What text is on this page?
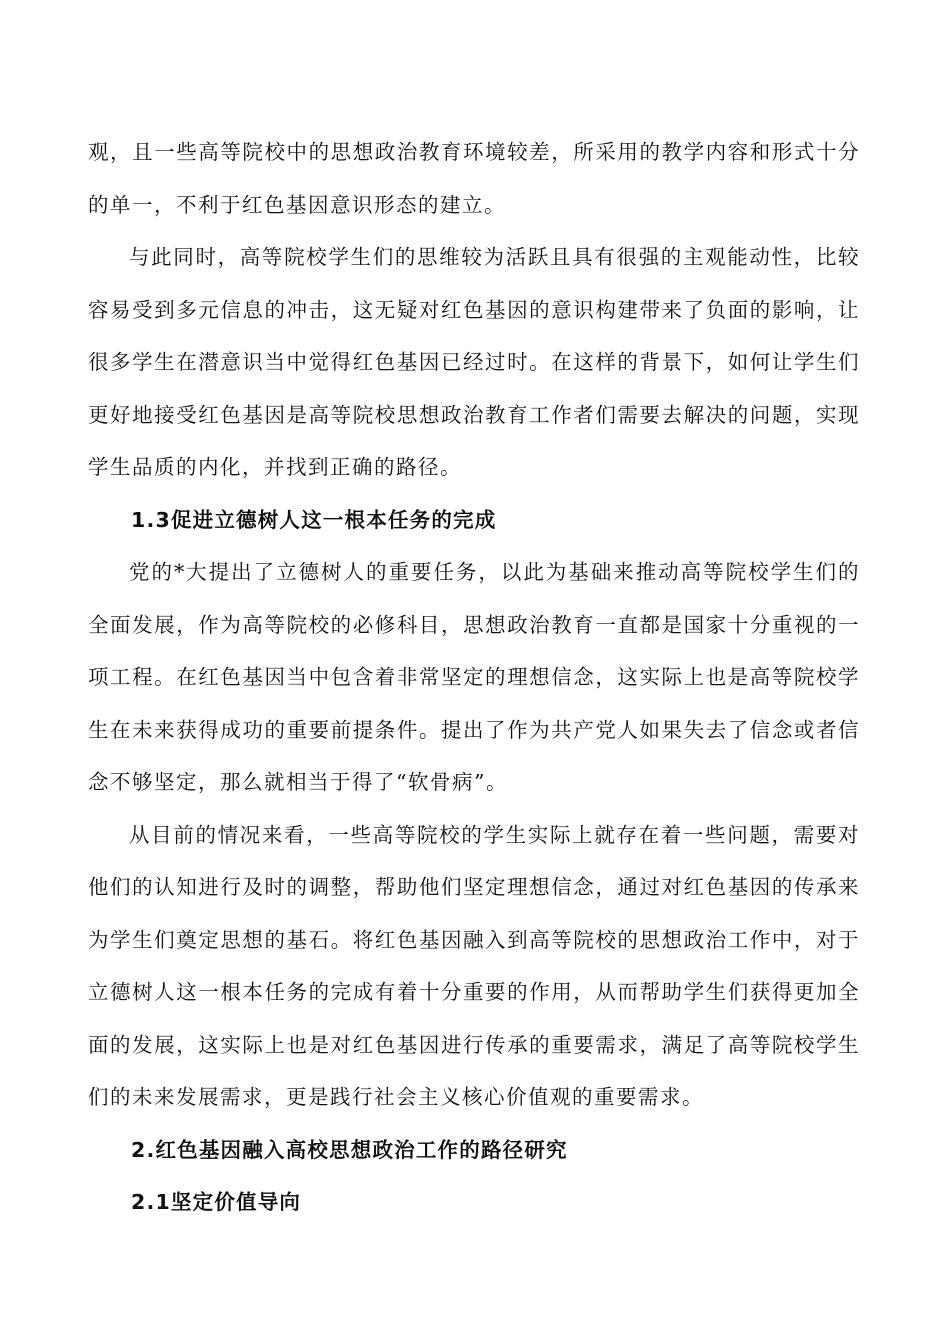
观，且一些高等院校中的思想政治教育环境较差，所采用的教学内容和形式十分的单一，不利于红色基因意识形态的建立。

与此同时，高等院校学生们的思维较为活跃且具有很强的主观能动性，比较容易受到多元信息的冲击，这无疑对红色基因的意识构建带来了负面的影响，让很多学生在潜意识当中觉得红色基因已经过时。在这样的背景下，如何让学生们更好地接受红色基因是高等院校思想政治教育工作者们需要去解决的问题，实现学生品质的内化，并找到正确的路径。

1.3促进立德树人这一根本任务的完成

党的*大提出了立德树人的重要任务，以此为基础来推动高等院校学生们的全面发展，作为高等院校的必修科目，思想政治教育一直都是国家十分重视的一项工程。在红色基因当中包含着非常坚定的理想信念，这实际上也是高等院校学生在未来获得成功的重要前提条件。提出了作为共产党人如果失去了信念或者信念不够坚定，那么就相当于得了“软骨病”。

从目前的情况来看，一些高等院校的学生实际上就存在着一些问题，需要对他们的认知进行及时的调整，帮助他们坚定理想信念，通过对红色基因的传承来为学生们奠定思想的基石。将红色基因融入到高等院校的思想政治工作中，对于立德树人这一根本任务的完成有着十分重要的作用，从而帮助学生们获得更加全面的发展，这实际上也是对红色基因进行传承的重要需求，满足了高等院校学生们的未来发展需求，更是践行社会主义核心价值观的重要需求。

2.红色基因融入高校思想政治工作的路径研究

2.1坚定价值导向
